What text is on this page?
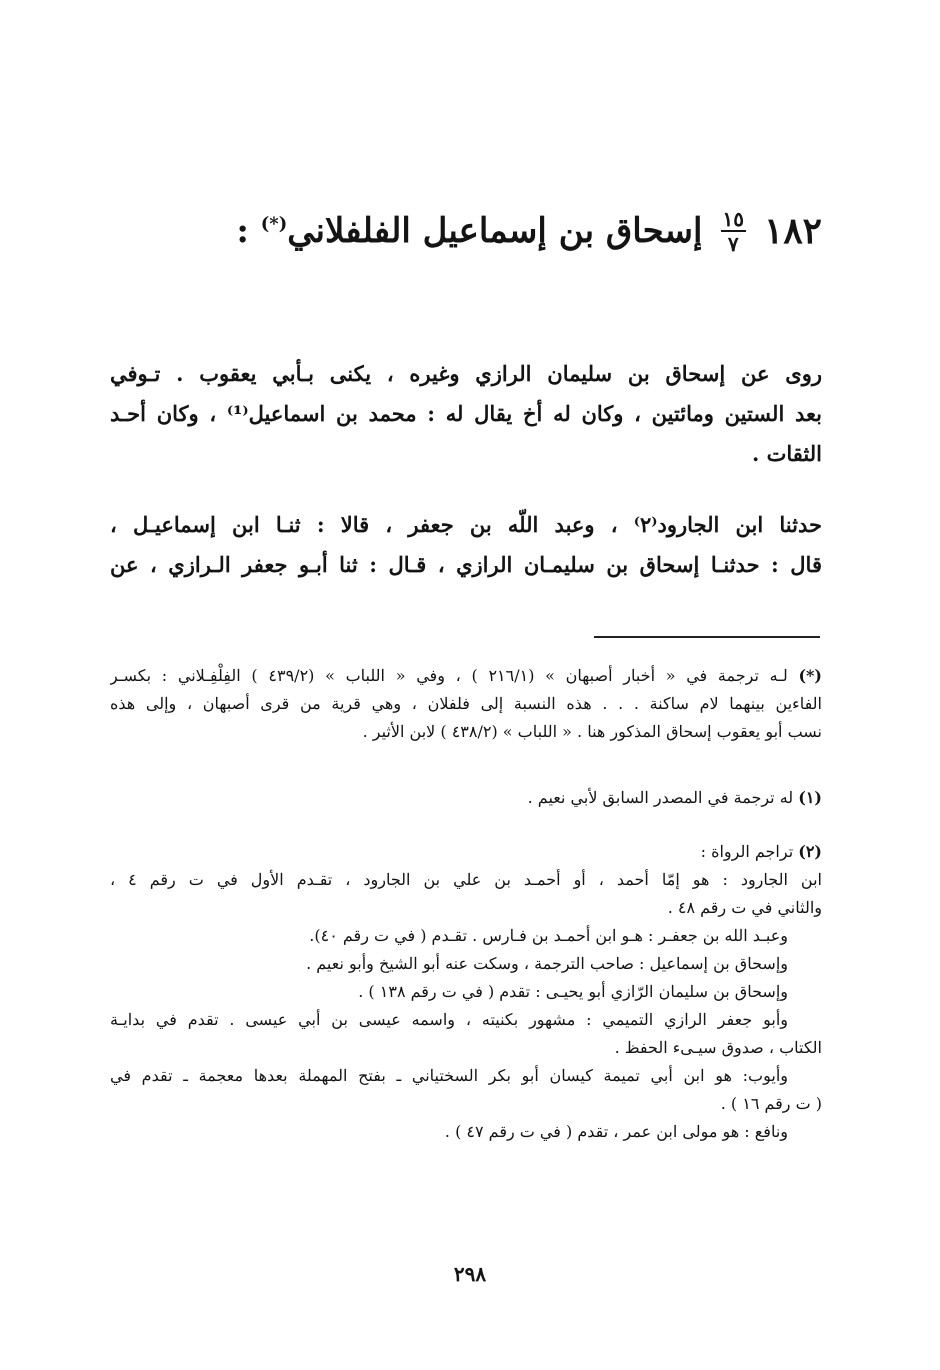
١٨٢
$\frac{١٥}{٧}$
إسحاق بن إسماعيل الفلفلاني(*) :
روى عن إسحاق بن سليمان الرازي وغيره ، يكنى بـأبي يعقوب . تـوفي
بعد الستين ومائتين ، وكان له أخ يقال له : محمد بن اسماعيل⁽¹⁾ ، وكان أحـد
الثقات .
حدثنا ابن الجارود⁽٢⁾ ، وعبد اللّه بن جعفر ، قالا : ثنـا ابن إسماعيـل ،
قال : حدثنـا إسحاق بن سليمـان الرازي ، قـال : ثنا أبـو جعفر الـرازي ، عن
(*) لـه ترجمة في « أخبار أصبهان » (٢١٦/١ ) ، وفي « اللباب » (٤٣٩/٢ ) الفِلْفِـلاني : بكسـر
الفاءين بينهما لام ساكنة . . . هذه النسبة إلى فلفلان ، وهي قرية من قرى أصبهان ، وإلى هذه
نسب أبو يعقوب إسحاق المذكور هنا . « اللباب » (٤٣٨/٢ ) لابن الأثير .
(١) له ترجمة في المصدر السابق لأبي نعيم .
(٢) تراجم الرواة :
ابن الجارود : هو إمّا أحمد ، أو أحمـد بن علي بن الجارود ، تقـدم الأول في ت رقم ٤ ،
والثاني في ت رقم ٤٨ .
وعبـد الله بن جعفـر : هـو ابن أحمـد بن فـارس . تقـدم ( في ت رقم ٤٠).
وإسحاق بن إسماعيل : صاحب الترجمة ، وسكت عنه أبو الشيخ وأبو نعيم .
وإسحاق بن سليمان الرّازي أبو يحيـى : تقدم ( في ت رقم ١٣٨ ) .
وأبو جعفر الرازي التميمي : مشهور بكنيته ، واسمه عيسى بن أبي عيسى . تقدم في بدايـة
الكتاب ، صدوق سيـىء الحفظ .
وأيوب: هو ابن أبي تميمة كيسان أبو بكر السختياني ـ بفتح المهملة بعدها معجمة ـ تقدم في
( ت رقم ١٦ ) .
ونافع : هو مولى ابن عمر ، تقدم ( في ت رقم ٤٧ ) .
٢٩٨
